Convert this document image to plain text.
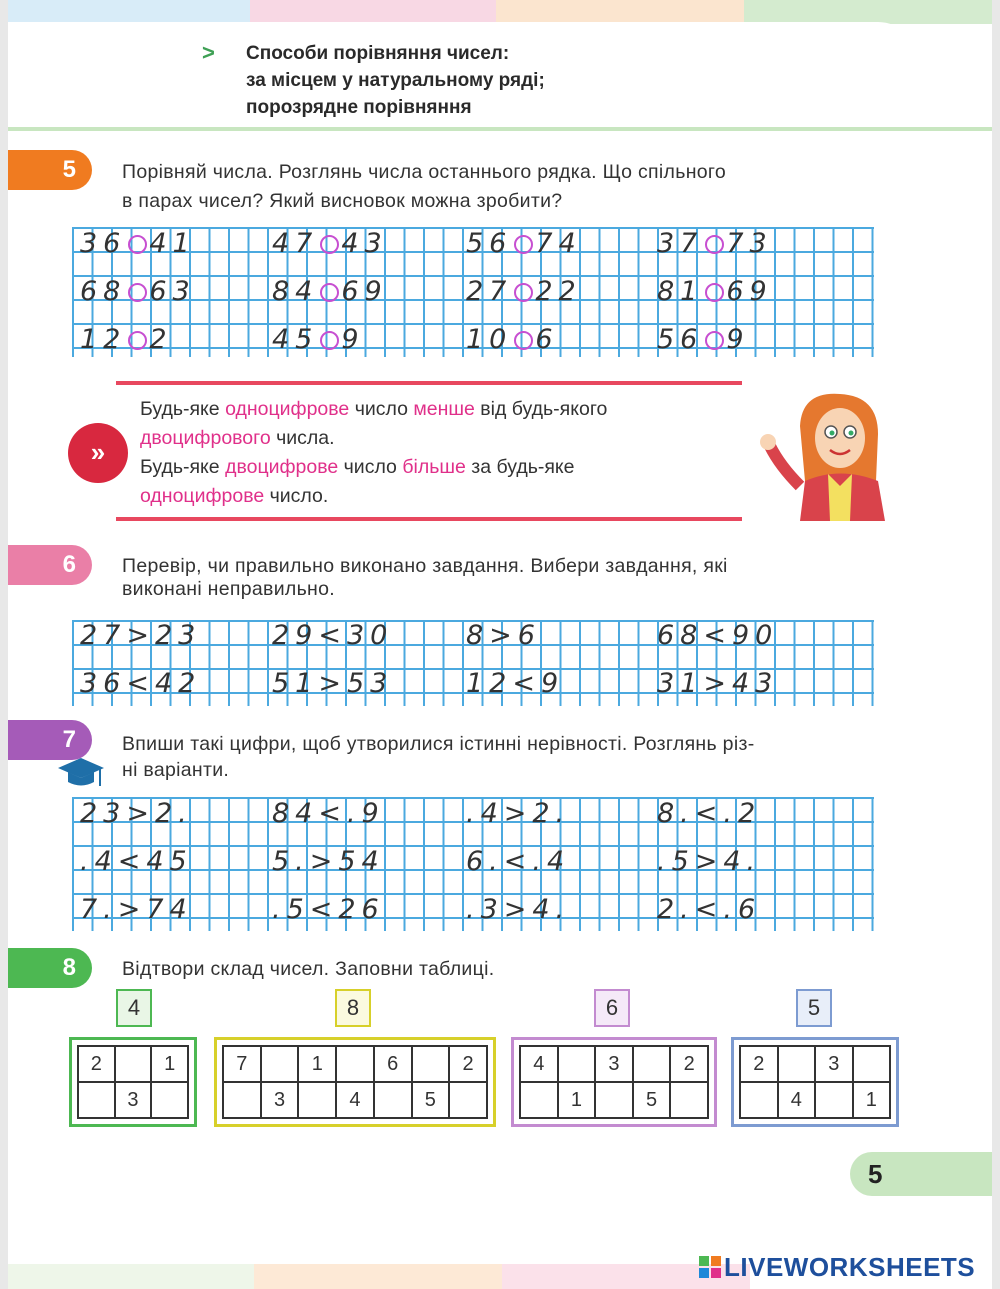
> Способи порівняння чисел:
за місцем у натуральному ряді;
порозрядне порівняння
5	Порівняй числа. Розглянь числа останнього рядка. Що спільного
в парах чисел? Який висновок можна зробити?
36 41	47 43	56 74	37 73
68 63	84 69	27 22	81 69
12 2	45 9	10 6	56 9
»
Будь-яке одноцифрове число менше від будь-якого
двоцифрового числа.
Будь-яке двоцифрове число більше за будь-яке
одноцифрове число.
6	Перевір, чи правильно виконано завдання. Вибери завдання, які
виконані неправильно.
27>23	29<30	8>6	68<90
36<42	51>53	12<9	31>43
7	Впиши такі цифри, щоб утворилися істинні нерівності. Розглянь різ-
ні варіанти.
23>2.	84<.9	.4>2.	8.<.2
.4<45	5.>54	6.<.4	.5>4.
7.>74	.5<26	.3>4.	2.<.6
8	Відтвори склад чисел. Заповни таблиці.
4	8	6	5
2		1
	3	
7		1		6		2
	3		4		5	
4		3		2
	1		5	
2		3	
	4		1
5
LIVEWORKSHEETS
